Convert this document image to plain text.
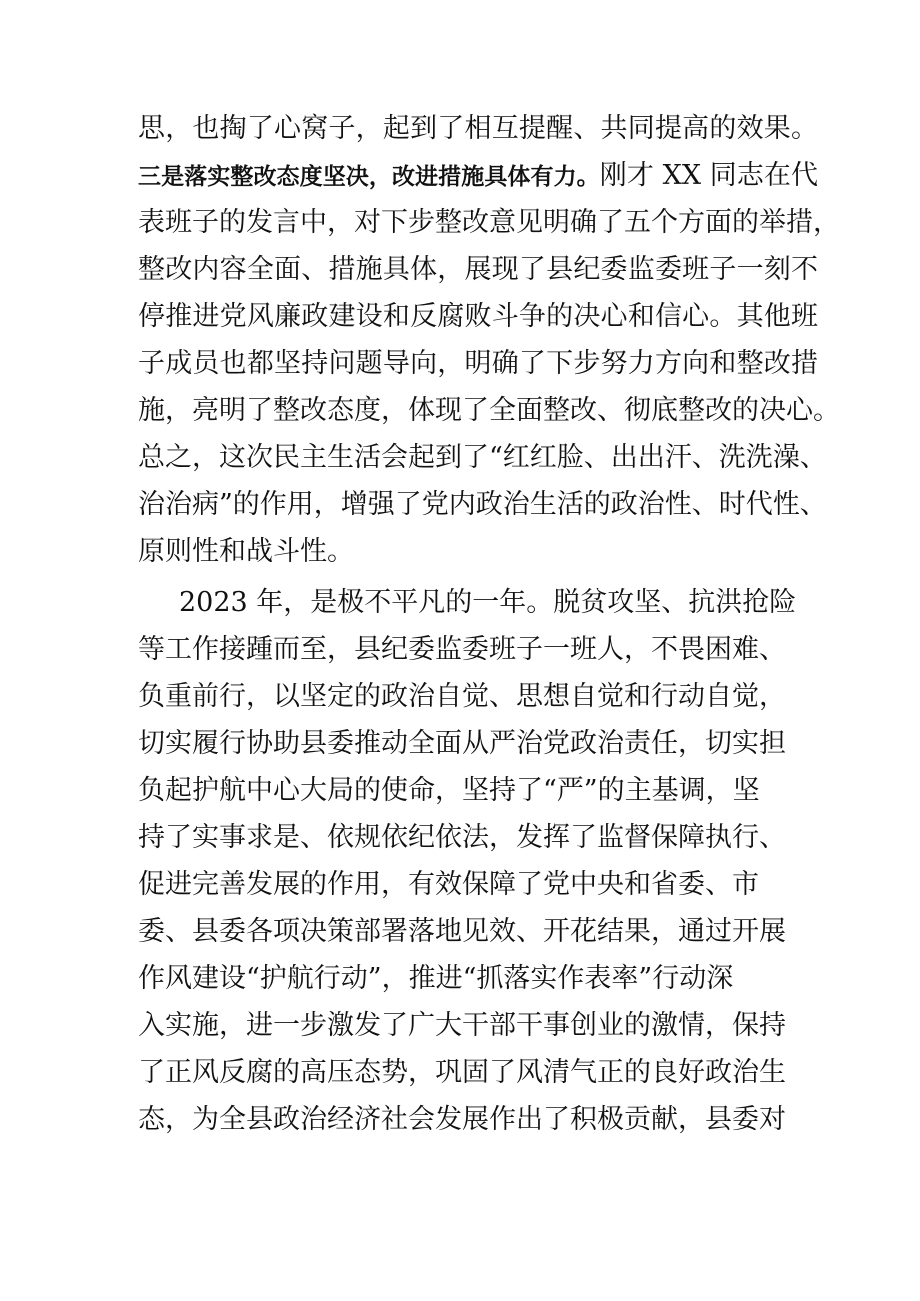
思，也掏了心窝子，起到了相互提醒、共同提高的效果。
三是落实整改态度坚决，改进措施具体有力。刚才 XX 同志在代
表班子的发言中，对下步整改意见明确了五个方面的举措，
整改内容全面、措施具体，展现了县纪委监委班子一刻不
停推进党风廉政建设和反腐败斗争的决心和信心。其他班
子成员也都坚持问题导向，明确了下步努力方向和整改措
施，亮明了整改态度，体现了全面整改、彻底整改的决心。
总之，这次民主生活会起到了“红红脸、出出汗、洗洗澡、
治治病”的作用，增强了党内政治生活的政治性、时代性、
原则性和战斗性。
2023 年，是极不平凡的一年。脱贫攻坚、抗洪抢险
等工作接踵而至，县纪委监委班子一班人，不畏困难、
负重前行，以坚定的政治自觉、思想自觉和行动自觉，
切实履行协助县委推动全面从严治党政治责任，切实担
负起护航中心大局的使命，坚持了“严”的主基调，坚
持了实事求是、依规依纪依法，发挥了监督保障执行、
促进完善发展的作用，有效保障了党中央和省委、市
委、县委各项决策部署落地见效、开花结果，通过开展
作风建设“护航行动”，推进“抓落实作表率”行动深
入实施，进一步激发了广大干部干事创业的激情，保持
了正风反腐的高压态势，巩固了风清气正的良好政治生
态，为全县政治经济社会发展作出了积极贡献，县委对
